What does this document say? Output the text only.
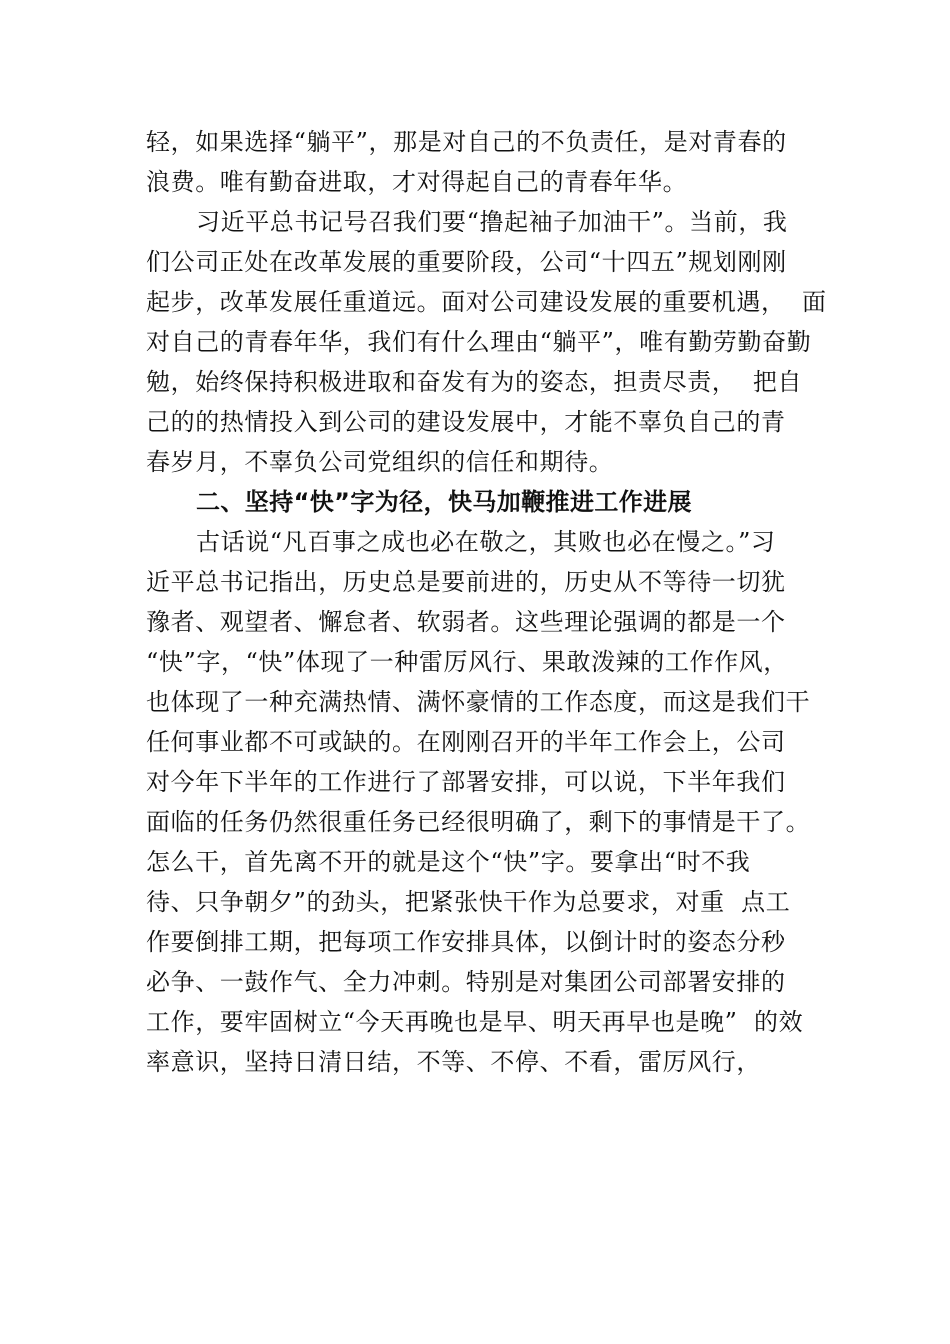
轻，如果选择“躺平”，那是对自己的不负责任，是对青春的
浪费。唯有勤奋进取，才对得起自己的青春年华。
习近平总书记号召我们要“撸起袖子加油干”。当前，我
们公司正处在改革发展的重要阶段，公司“十四五”规划刚刚
起步，改革发展任重道远。面对公司建设发展的重要机遇，  面
对自己的青春年华，我们有什么理由“躺平”，唯有勤劳勤奋勤
勉，始终保持积极进取和奋发有为的姿态，担责尽责，  把自
己的的热情投入到公司的建设发展中，才能不辜负自己的青
春岁月，不辜负公司党组织的信任和期待。
二、坚持“快”字为径，快马加鞭推进工作进展
古话说“凡百事之成也必在敬之，其败也必在慢之。”习
近平总书记指出，历史总是要前进的，历史从不等待一切犹
豫者、观望者、懈怠者、软弱者。这些理论强调的都是一个
“快”字，“快”体现了一种雷厉风行、果敢泼辣的工作作风，
也体现了一种充满热情、满怀豪情的工作态度，而这是我们干
任何事业都不可或缺的。在刚刚召开的半年工作会上，公司
对今年下半年的工作进行了部署安排，可以说，下半年我们
面临的任务仍然很重任务已经很明确了，剩下的事情是干了。
怎么干，首先离不开的就是这个“快”字。要拿出“时不我
待、只争朝夕”的劲头，把紧张快干作为总要求，对重  点工
作要倒排工期，把每项工作安排具体，以倒计时的姿态分秒
必争、一鼓作气、全力冲刺。特别是对集团公司部署安排的
工作，要牢固树立“今天再晚也是早、明天再早也是晚”  的效
率意识，坚持日清日结，不等、不停、不看，雷厉风行，
